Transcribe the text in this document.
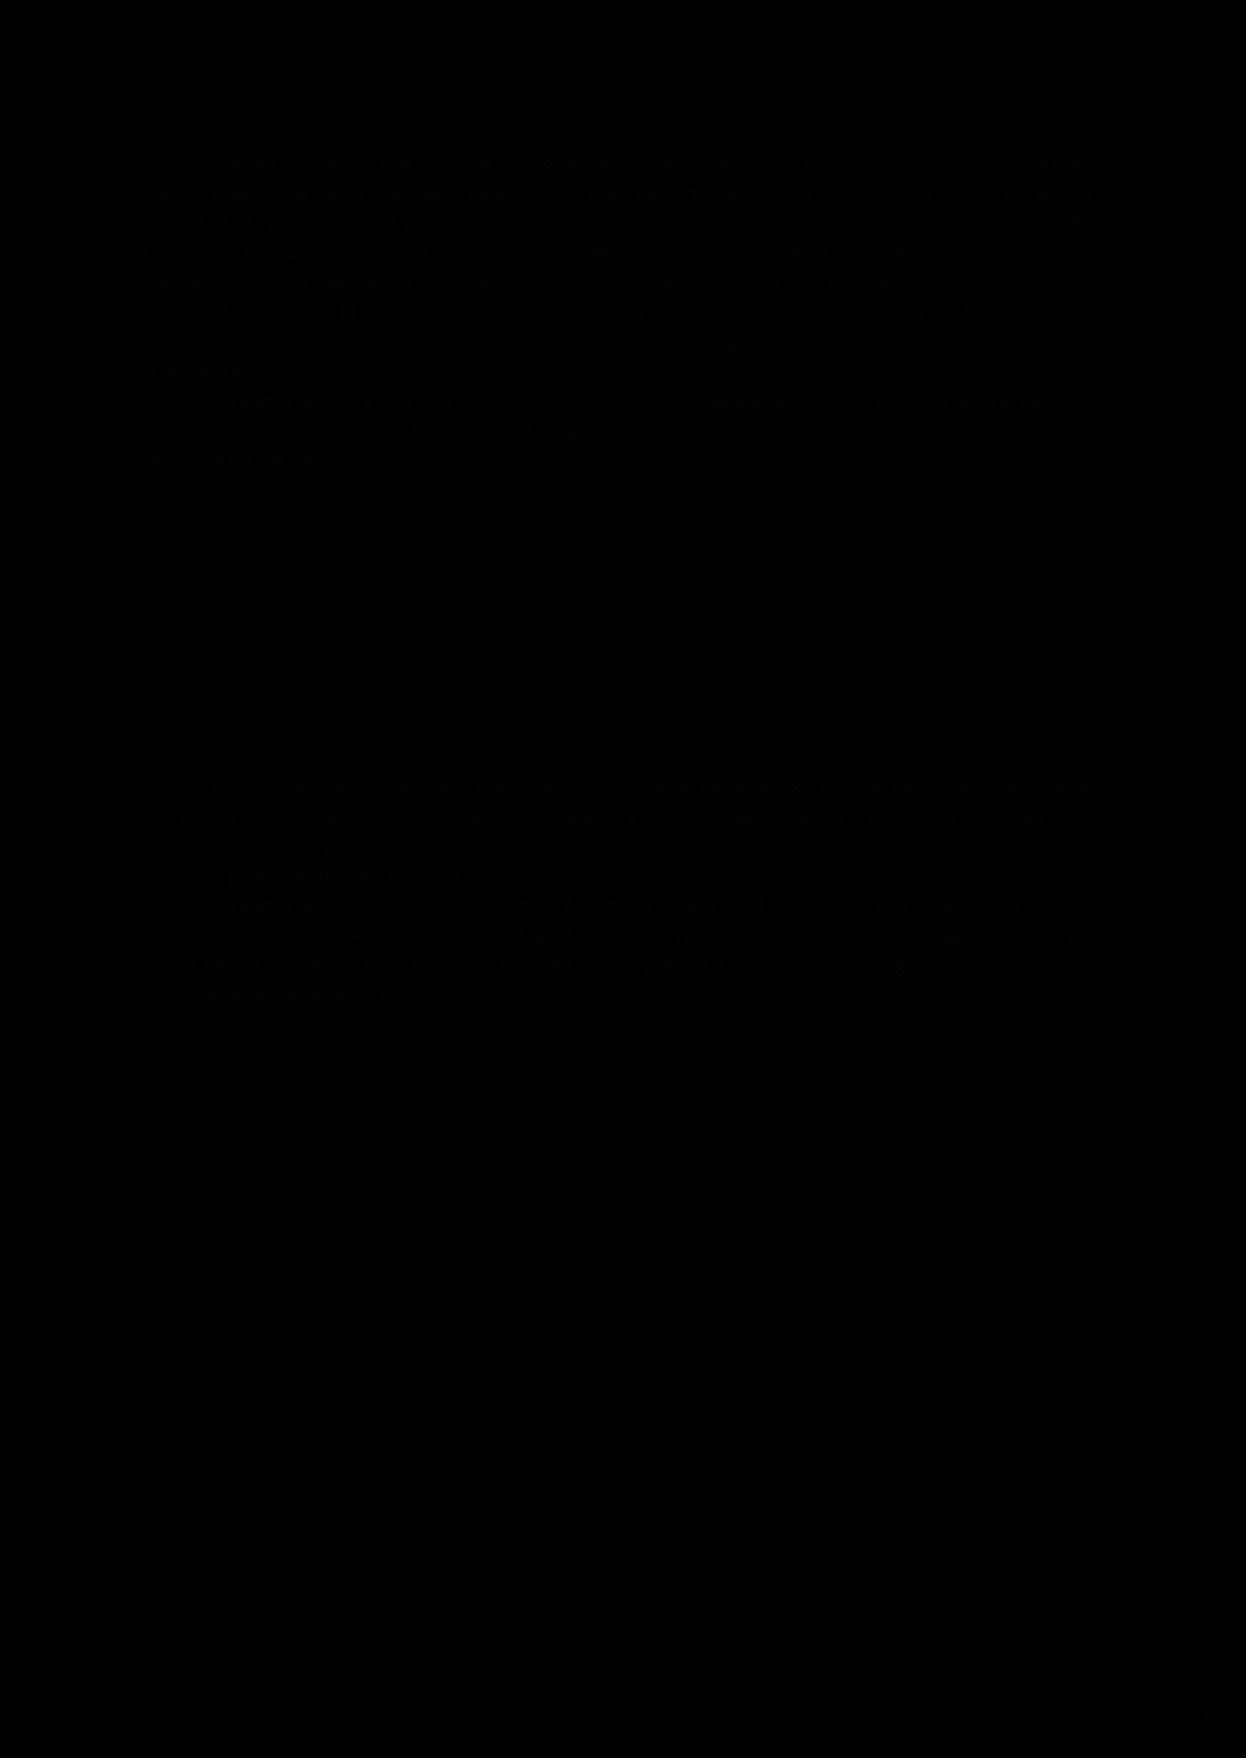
Ponadto Stowarzyszenie poniosło szereg wydatków bezpośrednio związanych z bieżącym utrzymaniem budynków takich jak zakup materiałów remontowych i naprawa urządzeń – 20 413,44 zł oraz przeglądy techniczne – 9 319,64 zł. Zakup energii i pobór wody to 20 415,93 zł, natomiast wydatki poniesione na zakup gazu to 84 095,84 zł, zaś oleju opałowego to 42 073,85 zł. Pozostałe wydatki m.in. usługi telekomunikacyjne, odbiór odpadów komunalnych, opłaty bankowe, wywóz nieczystości, kupno środków czystości i innych to kwota 19 703,83 zł.

W czerwcu 2013 r. na zakończenie roku szkolnego w Szkołach prowadzonych przez Stowarzyszenie wypłacone zostały stypendia za bardzo dobre wyniki w nauce oraz osiągnięcia sportowe dla siedemnastu uczniów, na łączną kwotę 1 720,00 zł.

Stowarzyszenie nie poniosło żadnych wydatków typowo majątkowych. Dokonano wyłącznie zakupów wyposażenia szkolnego (stoliki, krzesła i drabinki gimnastyczne) oraz urządzeń technicznych ( dwa komputery i kserokopiarka) na kwotę 11 634,69.

V. Wynik finansowy ogółem za rok obrotowy 2013 na dzień 31.12.2013 r.

Wynik finansowy ogółem za rok obrotowy 2013 zamknął się nadwyżką kosztów nad przychodami kwotą 134 830,60 zł. Kwota ta odzwierciedla zobowiązania z tytułu dodatkowego wynagrodzenia rocznego oraz pochodnych od wynagrodzeń zaksięgowane w ciężar roku 2013. Bilans Stowarzyszenia wykazuje po stronie aktywów i pasywów sumę 43 193,91 zł.

Stowarzyszenie zwróciło na koniec roku do Urzędu Gminy 1 121,30 zł niewykorzystanej dotacji. Stan konta bankowego podstawowego na dzień 31 grudnia 2013 r. zgodnie z potwierdzonym wyciągiem bankowym wynosi 682,89 zł, natomiast na rachunku ZFŚS 499,57. Pogotowie kasowe na dzień 31 grudnia 2013 r. zostało zwrócone na rachunek bankowy.

SKARBNIK ZARZĄDU
Iwona Kester
PREZES ZARZĄDU
Agnieszka Raczyńska
5
